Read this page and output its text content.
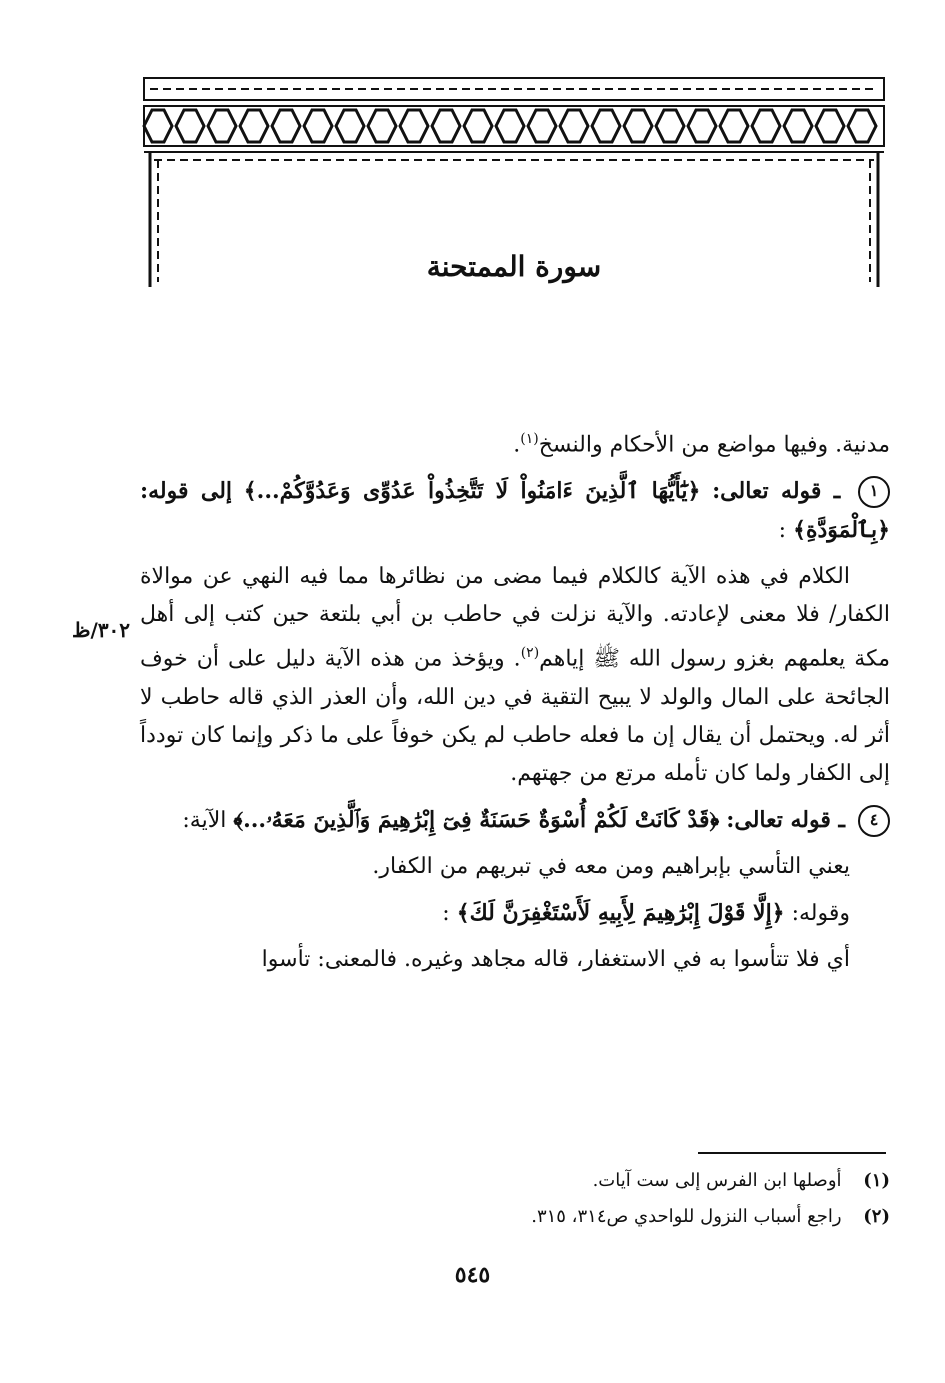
سورة الممتحنة
٣٠٢/ظ

مدنية. وفيها مواضع من الأحكام والنسخ$^{(١)}$.

١ ـ قوله تعالى: ﴿يَٰٓأَيُّهَا ٱلَّذِينَ ءَامَنُواْ لَا تَتَّخِذُواْ عَدُوِّى وَعَدُوَّكُمْ...﴾ إلى قوله: ﴿بِٱلْمَوَدَّةِ﴾ :

الكلام في هذه الآية كالكلام فيما مضى من نظائرها مما فيه النهي عن موالاة الكفار/ فلا معنى لإعادته. والآية نزلت في حاطب بن أبي بلتعة حين كتب إلى أهل مكة يعلمهم بغزو رسول الله ﷺ إياهم$^{(٢)}$. ويؤخذ من هذه الآية دليل على أن خوف الجائحة على المال والولد لا يبيح التقية في دين الله، وأن العذر الذي قاله حاطب لا أثر له. ويحتمل أن يقال إن ما فعله حاطب لم يكن خوفاً على ما ذكر وإنما كان تودداً إلى الكفار ولما كان تأمله مرتع من جهتهم.

٤ ـ قوله تعالى: ﴿قَدْ كَانَتْ لَكُمْ أُسْوَةٌ حَسَنَةٌ فِىٓ إِبْرَٰهِيمَ وَٱلَّذِينَ مَعَهُۥ...﴾ الآية:

يعني التأسي بإبراهيم ومن معه في تبريهم من الكفار.

وقوله: ﴿إِلَّا قَوْلَ إِبْرَٰهِيمَ لِأَبِيهِ لَأَسْتَغْفِرَنَّ لَكَ﴾ :

أي فلا تتأسوا به في الاستغفار، قاله مجاهد وغيره. فالمعنى: تأسوا

(١) أوصلها ابن الفرس إلى ست آيات.
(٢) راجع أسباب النزول للواحدي ص٣١٤، ٣١٥.
٥٤٥
